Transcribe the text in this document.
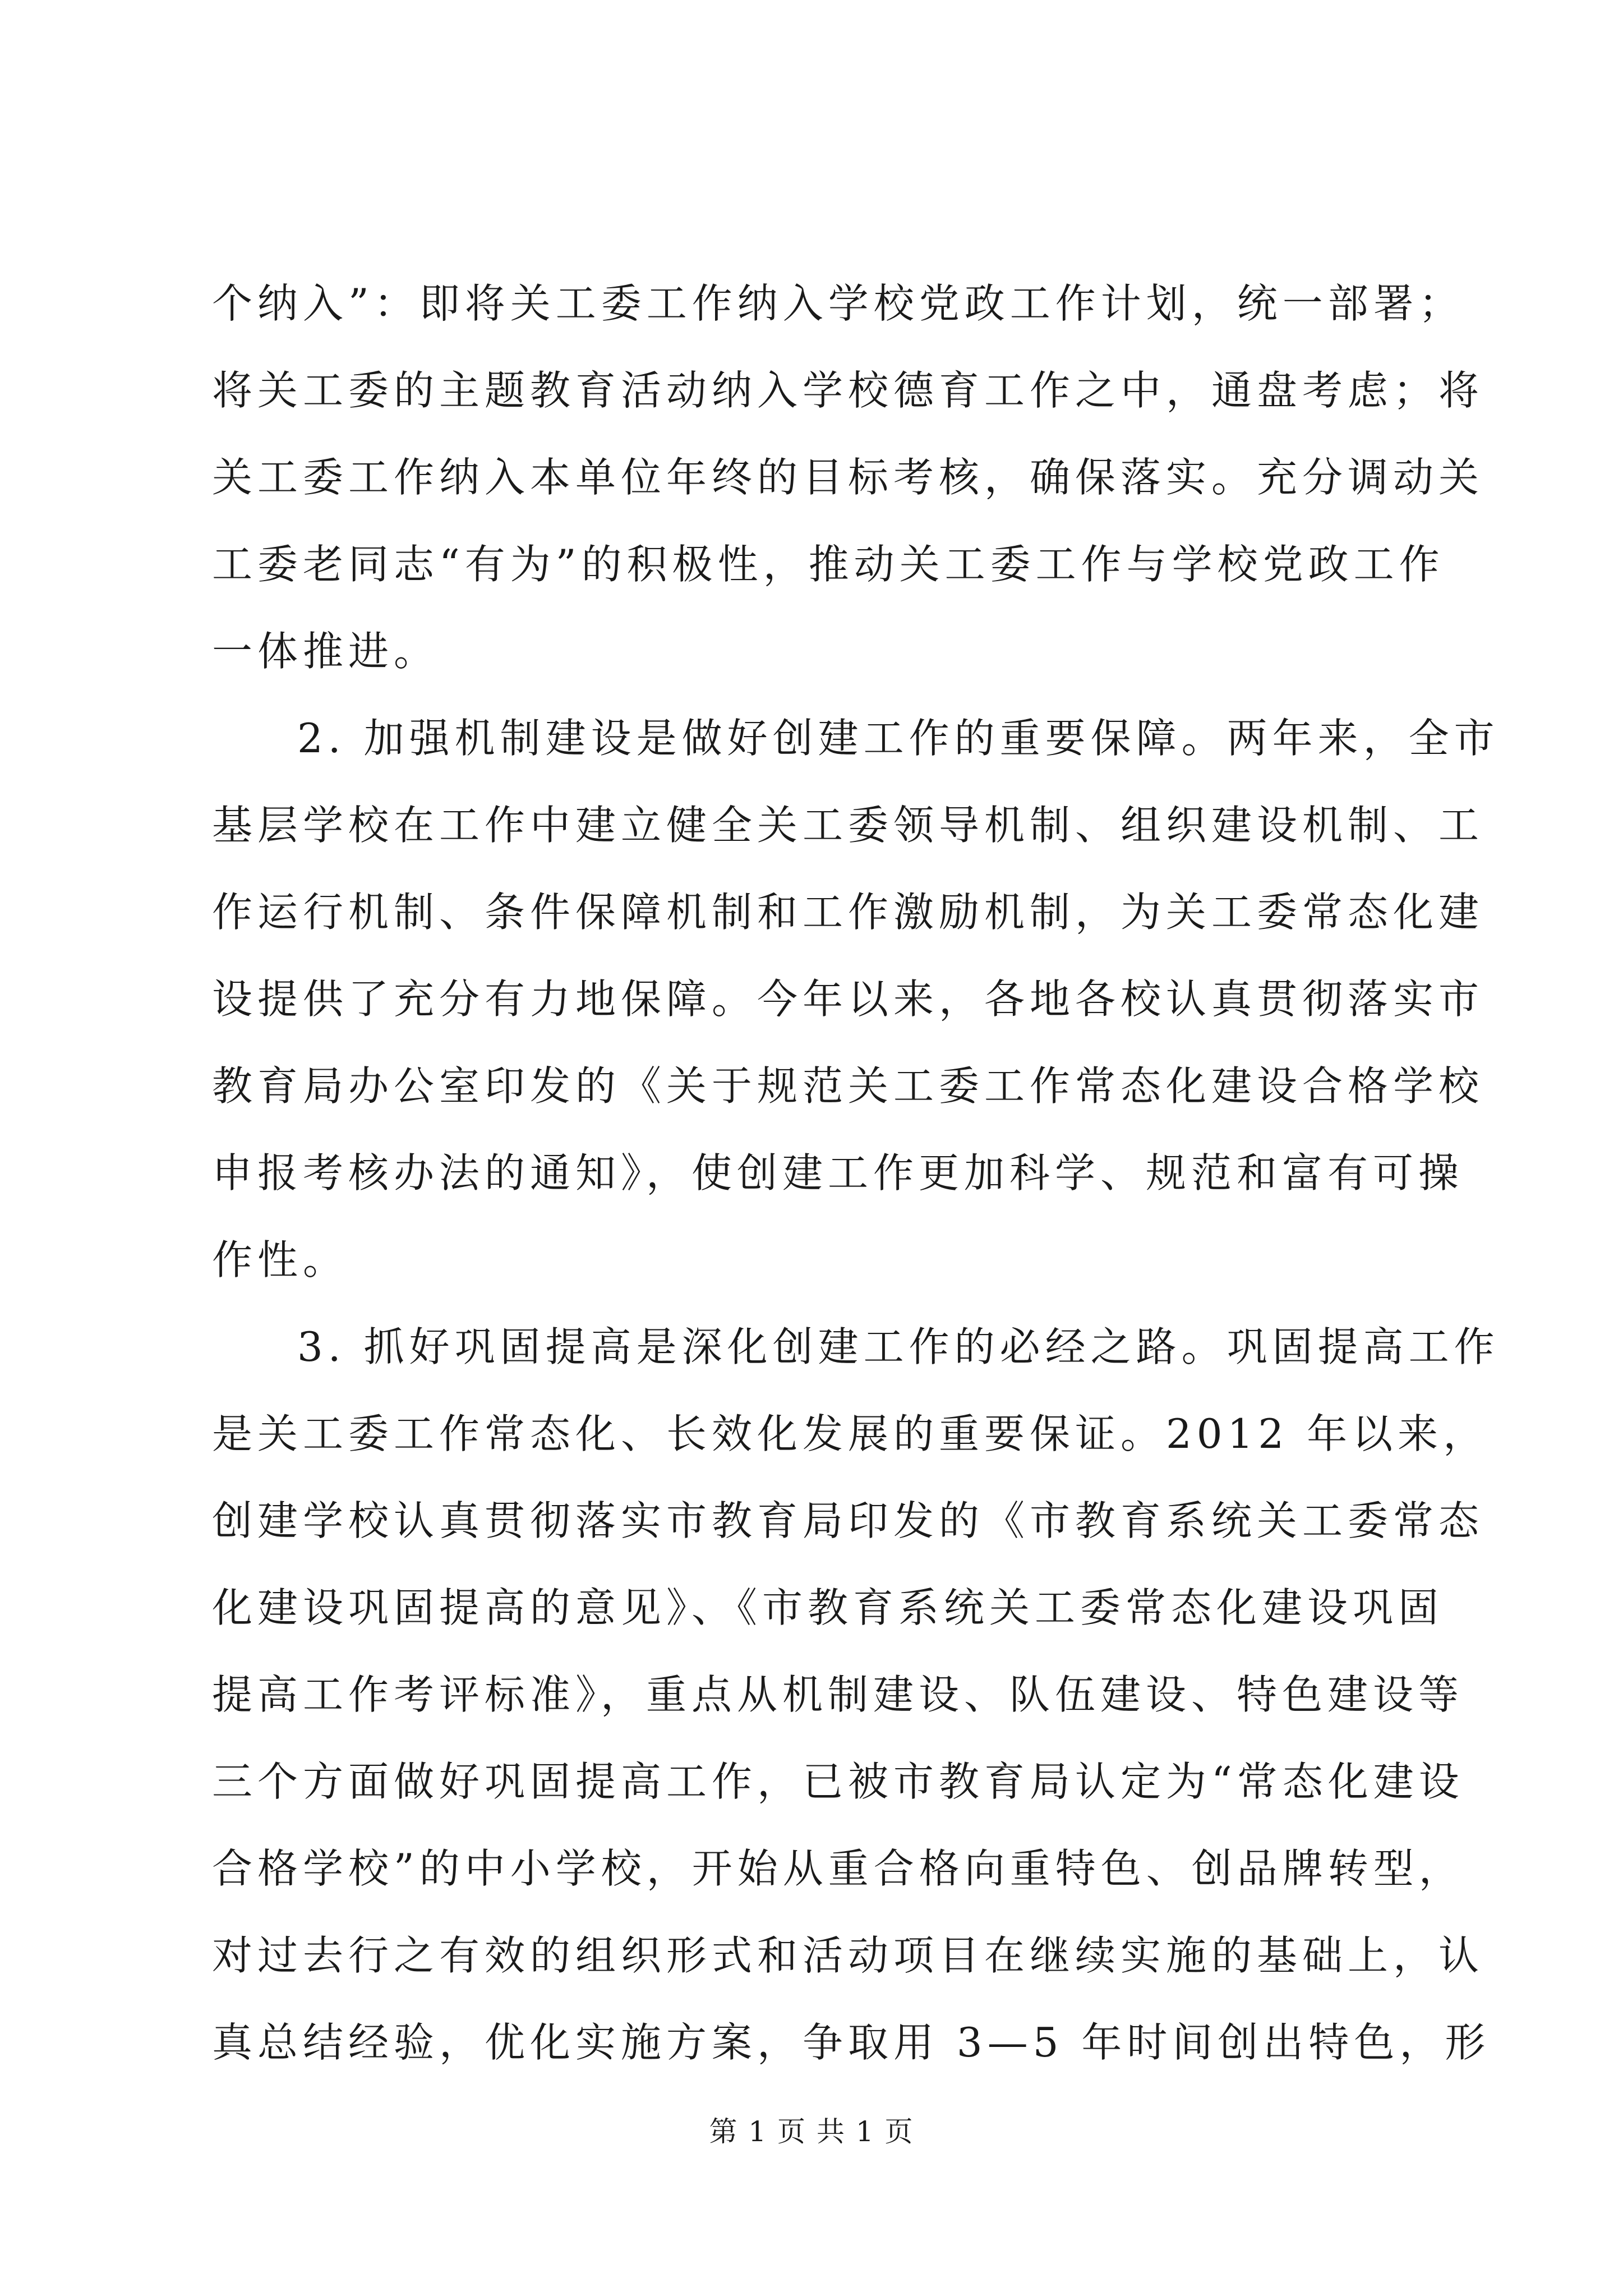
个纳入”：即将关工委工作纳入学校党政工作计划，统一部署；
将关工委的主题教育活动纳入学校德育工作之中，通盘考虑；将
关工委工作纳入本单位年终的目标考核，确保落实。充分调动关
工委老同志“有为”的积极性，推动关工委工作与学校党政工作
一体推进。
2. 加强机制建设是做好创建工作的重要保障。两年来，全市
基层学校在工作中建立健全关工委领导机制、组织建设机制、工
作运行机制、条件保障机制和工作激励机制，为关工委常态化建
设提供了充分有力地保障。今年以来，各地各校认真贯彻落实市
教育局办公室印发的《关于规范关工委工作常态化建设合格学校
申报考核办法的通知》，使创建工作更加科学、规范和富有可操
作性。
3. 抓好巩固提高是深化创建工作的必经之路。巩固提高工作
是关工委工作常态化、长效化发展的重要保证。2012 年以来，
创建学校认真贯彻落实市教育局印发的《市教育系统关工委常态
化建设巩固提高的意见》、《市教育系统关工委常态化建设巩固
提高工作考评标准》，重点从机制建设、队伍建设、特色建设等
三个方面做好巩固提高工作，已被市教育局认定为“常态化建设
合格学校”的中小学校，开始从重合格向重特色、创品牌转型，
对过去行之有效的组织形式和活动项目在继续实施的基础上，认
真总结经验，优化实施方案，争取用 3—5 年时间创出特色，形
第 1 页 共 1 页
